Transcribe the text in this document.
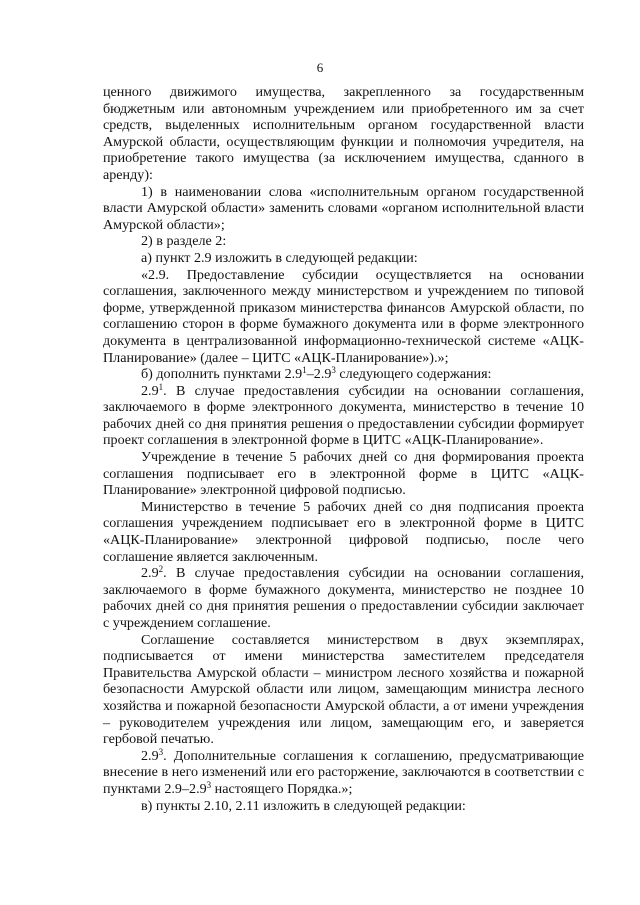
6

ценного движимого имущества, закрепленного за государственным бюджетным или автономным учреждением или приобретенного им за счет средств, выделенных исполнительным органом государственной власти Амурской области, осуществляющим функции и полномочия учредителя, на приобретение такого имущества (за исключением имущества, сданного в аренду):

1) в наименовании слова «исполнительным органом государственной власти Амурской области» заменить словами «органом исполнительной власти Амурской области»;

2) в разделе 2:

а) пункт 2.9 изложить в следующей редакции:

«2.9. Предоставление субсидии осуществляется на основании соглашения, заключенного между министерством и учреждением по типовой форме, утвержденной приказом министерства финансов Амурской области, по соглашению сторон в форме бумажного документа или в форме электронного документа в централизованной информационно-технической системе «АЦК-Планирование» (далее – ЦИТС «АЦК-Планирование»).»;

б) дополнить пунктами $2.9^1-2.9^3$ следующего содержания:

$2.9^1$. В случае предоставления субсидии на основании соглашения, заключаемого в форме электронного документа, министерство в течение 10 рабочих дней со дня принятия решения о предоставлении субсидии формирует проект соглашения в электронной форме в ЦИТС «АЦК-Планирование».

Учреждение в течение 5 рабочих дней со дня формирования проекта соглашения подписывает его в электронной форме в ЦИТС «АЦК-Планирование» электронной цифровой подписью.

Министерство в течение 5 рабочих дней со дня подписания проекта соглашения учреждением подписывает его в электронной форме в ЦИТС «АЦК-Планирование» электронной цифровой подписью, после чего соглашение является заключенным.

$2.9^2$. В случае предоставления субсидии на основании соглашения, заключаемого в форме бумажного документа, министерство не позднее 10 рабочих дней со дня принятия решения о предоставлении субсидии заключает с учреждением соглашение.

Соглашение составляется министерством в двух экземплярах, подписывается от имени министерства заместителем председателя Правительства Амурской области – министром лесного хозяйства и пожарной безопасности Амурской области или лицом, замещающим министра лесного хозяйства и пожарной безопасности Амурской области, а от имени учреждения – руководителем учреждения или лицом, замещающим его, и заверяется гербовой печатью.

$2.9^3$. Дополнительные соглашения к соглашению, предусматривающие внесение в него изменений или его расторжение, заключаются в соответствии с пунктами $2.9-2.9^3$ настоящего Порядка.»;

в) пункты 2.10, 2.11 изложить в следующей редакции:
